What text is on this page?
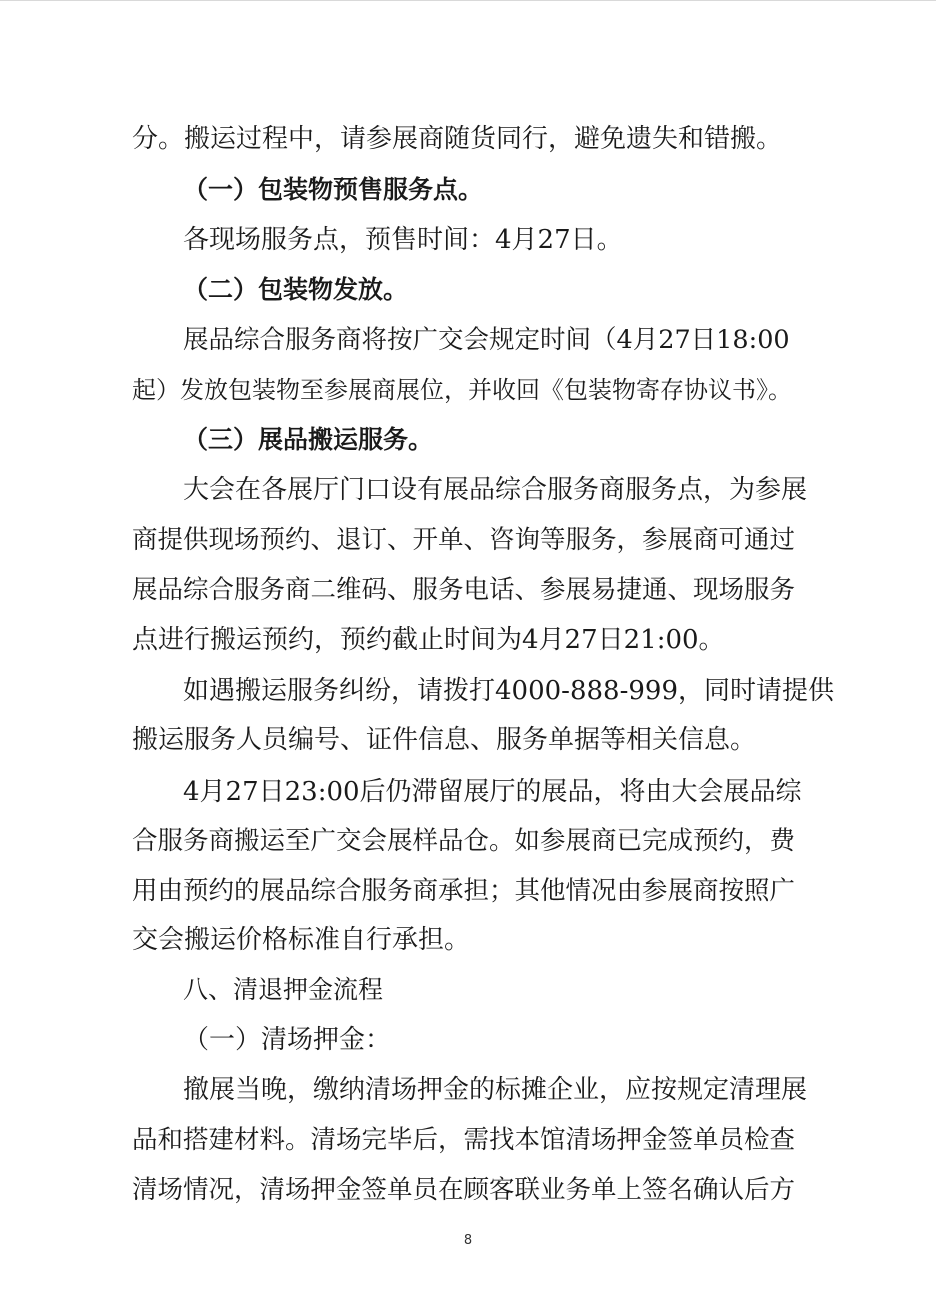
分。搬运过程中，请参展商随货同行，避免遗失和错搬。
（一）包装物预售服务点。
各现场服务点，预售时间：4月27日。
（二）包装物发放。
展品综合服务商将按广交会规定时间（4月27日18:00
起）发放包装物至参展商展位，并收回《包装物寄存协议书》。
（三）展品搬运服务。
大会在各展厅门口设有展品综合服务商服务点，为参展
商提供现场预约、退订、开单、咨询等服务，参展商可通过
展品综合服务商二维码、服务电话、参展易捷通、现场服务
点进行搬运预约，预约截止时间为4月27日21:00。
如遇搬运服务纠纷，请拨打4000-888-999，同时请提供
搬运服务人员编号、证件信息、服务单据等相关信息。
4月27日23:00后仍滞留展厅的展品，将由大会展品综
合服务商搬运至广交会展样品仓。如参展商已完成预约，费
用由预约的展品综合服务商承担；其他情况由参展商按照广
交会搬运价格标准自行承担。
八、清退押金流程
（一）清场押金：
撤展当晚，缴纳清场押金的标摊企业，应按规定清理展
品和搭建材料。清场完毕后，需找本馆清场押金签单员检查
清场情况，清场押金签单员在顾客联业务单上签名确认后方
8
